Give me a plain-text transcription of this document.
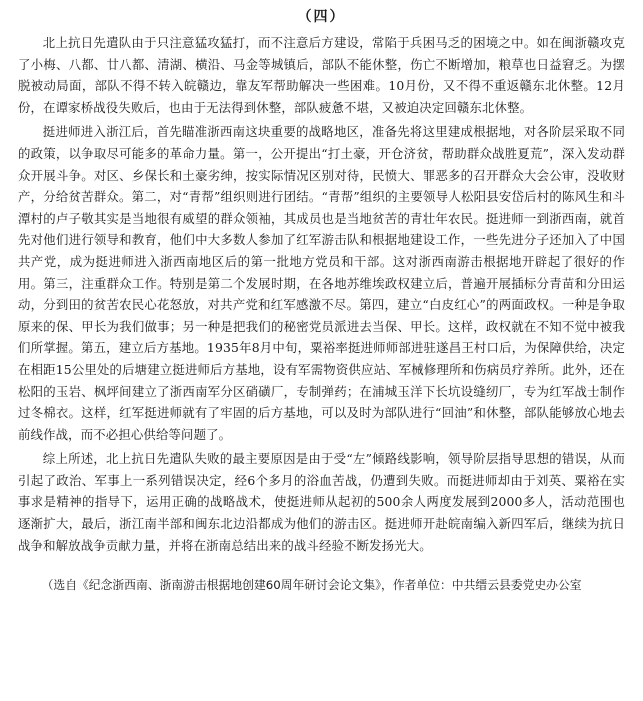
（四）

北上抗日先遣队由于只注意猛攻猛打，而不注意后方建设，常陷于兵困马乏的困境之中。如在闽浙赣攻克了小梅、八都、廿八都、清湖、横沿、马金等城镇后，部队不能休整，伤亡不断增加，粮草也日益窘乏。为摆脱被动局面，部队不得不转入皖赣边，靠友军帮助解决一些困难。10月份，又不得不重返赣东北休整。12月份，在谭家桥战役失败后，也由于无法得到休整，部队疲惫不堪，又被迫决定回赣东北休整。

挺进师进入浙江后，首先瞄准浙西南这块重要的战略地区，准备先将这里建成根据地，对各阶层采取不同的政策，以争取尽可能多的革命力量。第一，公开提出“打土豪，开仓济贫，帮助群众战胜夏荒”，深入发动群众开展斗争。对区、乡保长和土豪劣绅，按实际情况区别对待，民愤大、罪恶多的召开群众大会公审，没收财产，分给贫苦群众。第二，对“青帮”组织则进行团结。“青帮”组织的主要领导人松阳县安岱后村的陈风生和斗潭村的卢子敬其实是当地很有威望的群众领袖，其成员也是当地贫苦的青壮年农民。挺进师一到浙西南，就首先对他们进行领导和教育，他们中大多数人参加了红军游击队和根据地建设工作，一些先进分子还加入了中国共产党，成为挺进师进入浙西南地区后的第一批地方党员和干部。这对浙西南游击根据地开辟起了很好的作用。第三，注重群众工作。特别是第二个发展时期，在各地苏维埃政权建立后，普遍开展插标分青苗和分田运动，分到田的贫苦农民心花怒放，对共产党和红军感激不尽。第四，建立“白皮红心”的两面政权。一种是争取原来的保、甲长为我们做事；另一种是把我们的秘密党员派进去当保、甲长。这样，政权就在不知不觉中被我们所掌握。第五，建立后方基地。1935年8月中旬，粟裕率挺进师师部进驻遂昌王村口后，为保障供给，决定在相距15公里处的后塘建立挺进师后方基地，设有军需物资供应站、军械修理所和伤病员疗养所。此外，还在松阳的玉岩、枫坪间建立了浙西南军分区硝磺厂，专制弹药；在浦城玉洋下长坑设缝纫厂，专为红军战士制作过冬棉衣。这样，红军挺进师就有了牢固的后方基地，可以及时为部队进行“回油”和休整，部队能够放心地去前线作战，而不必担心供给等问题了。

综上所述，北上抗日先遣队失败的最主要原因是由于受“左”倾路线影响，领导阶层指导思想的错误，从而引起了政治、军事上一系列错误决定，经6个多月的浴血苦战，仍遭到失败。而挺进师却由于刘英、粟裕在实事求是精神的指导下，运用正确的战略战术，使挺进师从起初的500余人两度发展到2000多人，活动范围也逐渐扩大，最后，浙江南半部和闽东北边沿都成为他们的游击区。挺进师开赴皖南编入新四军后，继续为抗日战争和解放战争贡献力量，并将在浙南总结出来的战斗经验不断发扬光大。

（选自《纪念浙西南、浙南游击根据地创建60周年研讨会论文集》，作者单位：中共缙云县委党史办公室
